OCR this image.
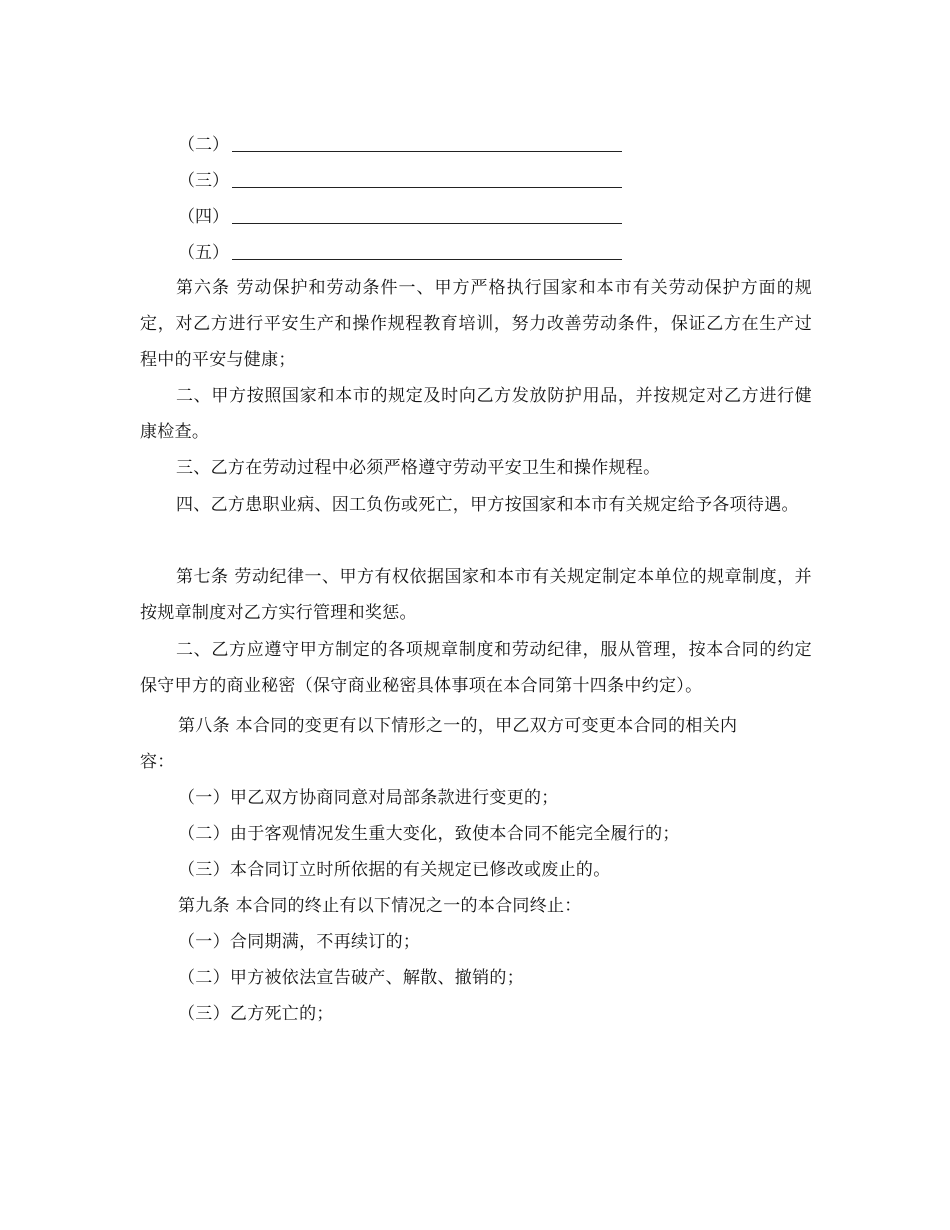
（二）
（三）
（四）
（五）

第六条 劳动保护和劳动条件一、甲方严格执行国家和本市有关劳动保护方面的规定，对乙方进行平安生产和操作规程教育培训，努力改善劳动条件，保证乙方在生产过程中的平安与健康；

二、甲方按照国家和本市的规定及时向乙方发放防护用品，并按规定对乙方进行健康检查。

三、乙方在劳动过程中必须严格遵守劳动平安卫生和操作规程。

四、乙方患职业病、因工负伤或死亡，甲方按国家和本市有关规定给予各项待遇。

第七条 劳动纪律一、甲方有权依据国家和本市有关规定制定本单位的规章制度，并按规章制度对乙方实行管理和奖惩。

二、乙方应遵守甲方制定的各项规章制度和劳动纪律，服从管理，按本合同的约定保守甲方的商业秘密（保守商业秘密具体事项在本合同第十四条中约定）。

第八条 本合同的变更有以下情形之一的，甲乙双方可变更本合同的相关内
容：
（一）甲乙双方协商同意对局部条款进行变更的；
（二）由于客观情况发生重大变化，致使本合同不能完全履行的；
（三）本合同订立时所依据的有关规定已修改或废止的。
第九条 本合同的终止有以下情况之一的本合同终止：
（一）合同期满，不再续订的；
（二）甲方被依法宣告破产、解散、撤销的；
（三）乙方死亡的；
